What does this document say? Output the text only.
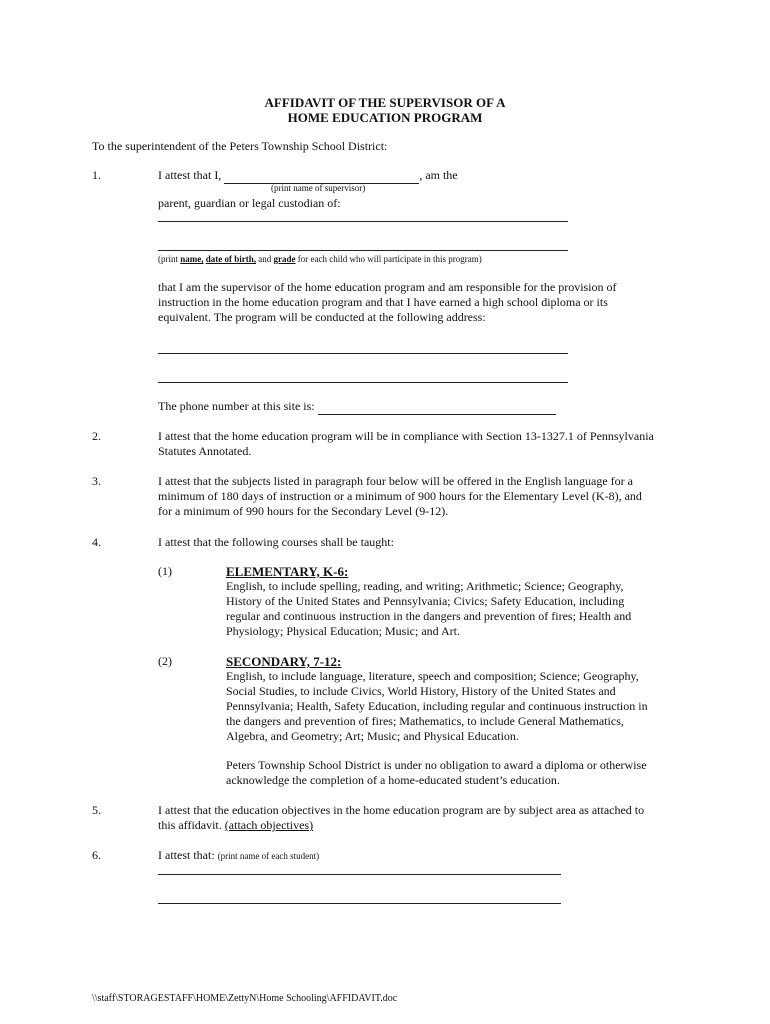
AFFIDAVIT OF THE SUPERVISOR OF A
HOME EDUCATION PROGRAM
To the superintendent of the Peters Township School District:
1.	I attest that I,	, am the
(print name of supervisor)
parent, guardian or legal custodian of:
(print name, date of birth, and grade for each child who will participate in this program)
that I am the supervisor of the home education program and am responsible for the provision of
instruction in the home education program and that I have earned a high school diploma or its
equivalent. The program will be conducted at the following address:
The phone number at this site is:
2.	I attest that the home education program will be in compliance with Section 13-1327.1 of Pennsylvania
Statutes Annotated.
3.	I attest that the subjects listed in paragraph four below will be offered in the English language for a
minimum of 180 days of instruction or a minimum of 900 hours for the Elementary Level (K-8), and
for a minimum of 990 hours for the Secondary Level (9-12).
4.	I attest that the following courses shall be taught:
(1)	ELEMENTARY, K-6:
English, to include spelling, reading, and writing; Arithmetic; Science; Geography,
History of the United States and Pennsylvania; Civics; Safety Education, including
regular and continuous instruction in the dangers and prevention of fires; Health and
Physiology; Physical Education; Music; and Art.
(2)	SECONDARY, 7-12:
English, to include language, literature, speech and composition; Science; Geography,
Social Studies, to include Civics, World History, History of the United States and
Pennsylvania; Health, Safety Education, including regular and continuous instruction in
the dangers and prevention of fires; Mathematics, to include General Mathematics,
Algebra, and Geometry; Art; Music; and Physical Education.
Peters Township School District is under no obligation to award a diploma or otherwise
acknowledge the completion of a home-educated student’s education.
5.	I attest that the education objectives in the home education program are by subject area as attached to
this affidavit. (attach objectives)
6.	I attest that: (print name of each student)
\\staff\STORAGESTAFF\HOME\ZettyN\Home Schooling\AFFIDAVIT.doc
